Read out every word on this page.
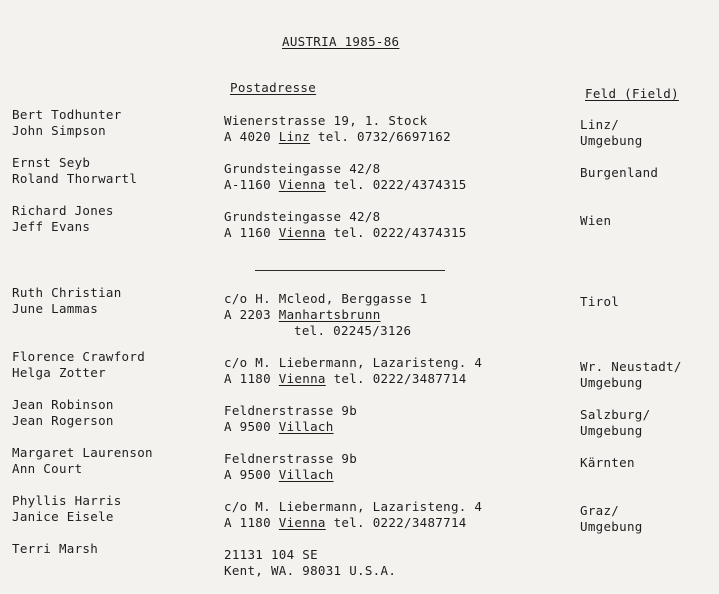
AUSTRIA 1985-86
Postadresse	Feld (Field)
Bert Todhunter
John Simpson
Wienerstrasse 19, 1. Stock
A 4020 Linz tel. 0732/6697162
Linz/
Umgebung
Ernst Seyb
Roland Thorwartl
Grundsteingasse 42/8
A-1160 Vienna tel. 0222/4374315
Burgenland
Richard Jones
Jeff Evans
Grundsteingasse 42/8
A 1160 Vienna tel. 0222/4374315
Wien
Ruth Christian
June Lammas
c/o H. Mcleod, Berggasse 1
A 2203 Manhartsbrunn
tel. 02245/3126
Tirol
Florence Crawford
Helga Zotter
c/o M. Liebermann, Lazaristeng. 4
A 1180 Vienna tel. 0222/3487714
Wr. Neustadt/
Umgebung
Jean Robinson
Jean Rogerson
Feldnerstrasse 9b
A 9500 Villach
Salzburg/
Umgebung
Margaret Laurenson
Ann Court
Feldnerstrasse 9b
A 9500 Villach
Kärnten
Phyllis Harris
Janice Eisele
c/o M. Liebermann, Lazaristeng. 4
A 1180 Vienna tel. 0222/3487714
Graz/
Umgebung
Terri Marsh	21131 104 SE
Kent, WA. 98031 U.S.A.
